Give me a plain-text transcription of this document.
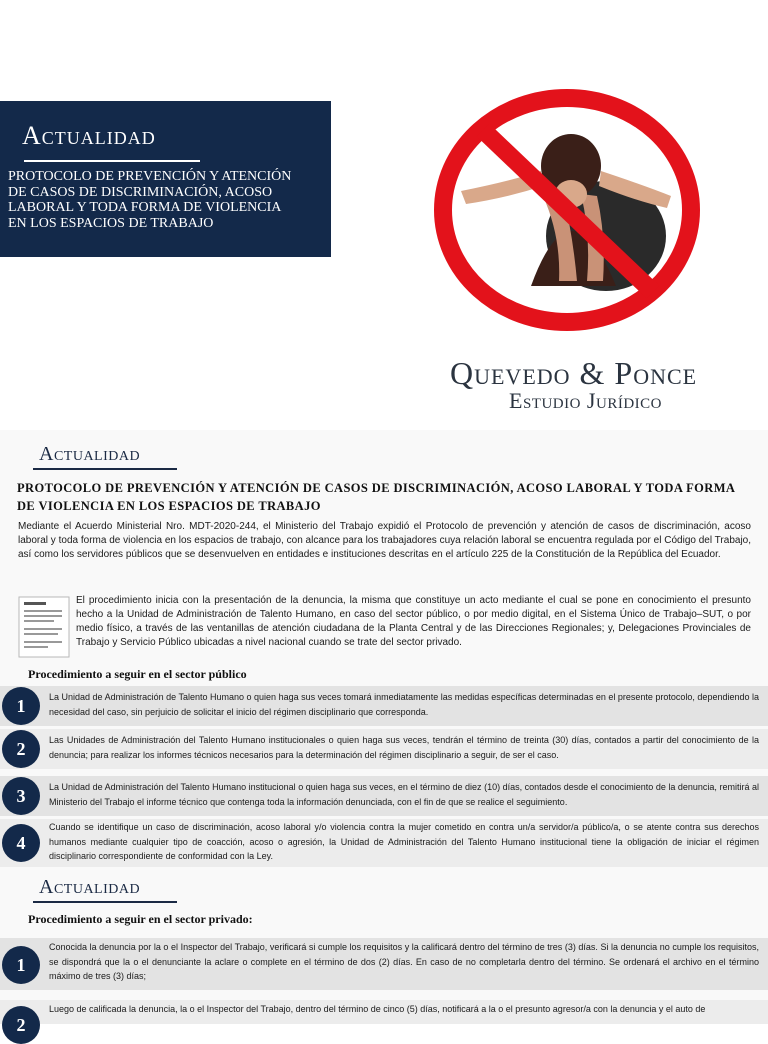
Actualidad
PROTOCOLO DE PREVENCIÓN Y ATENCIÓN
DE CASOS DE DISCRIMINACIÓN, ACOSO
LABORAL Y TODA FORMA DE VIOLENCIA
EN LOS ESPACIOS DE TRABAJO
Quevedo & Ponce
Estudio Jurídico
Actualidad
PROTOCOLO DE PREVENCIÓN Y ATENCIÓN DE CASOS DE DISCRIMINACIÓN, ACOSO LABORAL Y TODA FORMA DE VIOLENCIA EN LOS ESPACIOS DE TRABAJO
Mediante el Acuerdo Ministerial Nro. MDT-2020-244, el Ministerio del Trabajo expidió el Protocolo de prevención y atención de casos de discriminación, acoso laboral y toda forma de violencia en los espacios de trabajo, con alcance para los trabajadores cuya relación laboral se encuentra regulada por el Código del Trabajo, así como los servidores públicos que se desenvuelven en entidades e instituciones descritas en el artículo 225 de la Constitución de la República del Ecuador.
El procedimiento inicia con la presentación de la denuncia, la misma que constituye un acto mediante el cual se pone en conocimiento el presunto hecho a la Unidad de Administración de Talento Humano, en caso del sector público, o por medio digital, en el Sistema Único de Trabajo–SUT, o por medio físico, a través de las ventanillas de atención ciudadana de la Planta Central y de las Direcciones Regionales; y, Delegaciones Provinciales de Trabajo y Servicio Público ubicadas a nivel nacional cuando se trate del sector privado.
Procedimiento a seguir en el sector público
1	La Unidad de Administración de Talento Humano o quien haga sus veces tomará inmediatamente las medidas específicas determinadas en el presente protocolo, dependiendo la necesidad del caso, sin perjuicio de solicitar el inicio del régimen disciplinario que corresponda.
2	Las Unidades de Administración del Talento Humano institucionales o quien haga sus veces, tendrán el término de treinta (30) días, contados a partir del conocimiento de la denuncia; para realizar los informes técnicos necesarios para la determinación del régimen disciplinario a seguir, de ser el caso.
3	La Unidad de Administración del Talento Humano institucional o quien haga sus veces, en el término de diez (10) días, contados desde el conocimiento de la denuncia, remitirá al Ministerio del Trabajo el informe técnico que contenga toda la información denunciada, con el fin de que se realice el seguimiento.
4
Cuando se identifique un caso de discriminación, acoso laboral y/o violencia contra la mujer cometido en contra un/a servidor/a público/a, o se atente contra sus derechos humanos mediante cualquier tipo de coacción, acoso o agresión, la Unidad de Administración del Talento Humano institucional tiene la obligación de iniciar el régimen disciplinario correspondiente de conformidad con la Ley.
Actualidad
Procedimiento a seguir en el sector privado:
1
Conocida la denuncia por la o el Inspector del Trabajo, verificará si cumple los requisitos y la calificará dentro del término de tres (3) días. Si la denuncia no cumple los requisitos, se dispondrá que la o el denunciante la aclare o complete en el término de dos (2) días. En caso de no completarla dentro del término. Se ordenará el archivo en el término máximo de tres (3) días;
2
Luego de calificada la denuncia, la o el Inspector del Trabajo, dentro del término de cinco (5) días, notificará a la o el presunto agresor/a con la denuncia y el auto de
